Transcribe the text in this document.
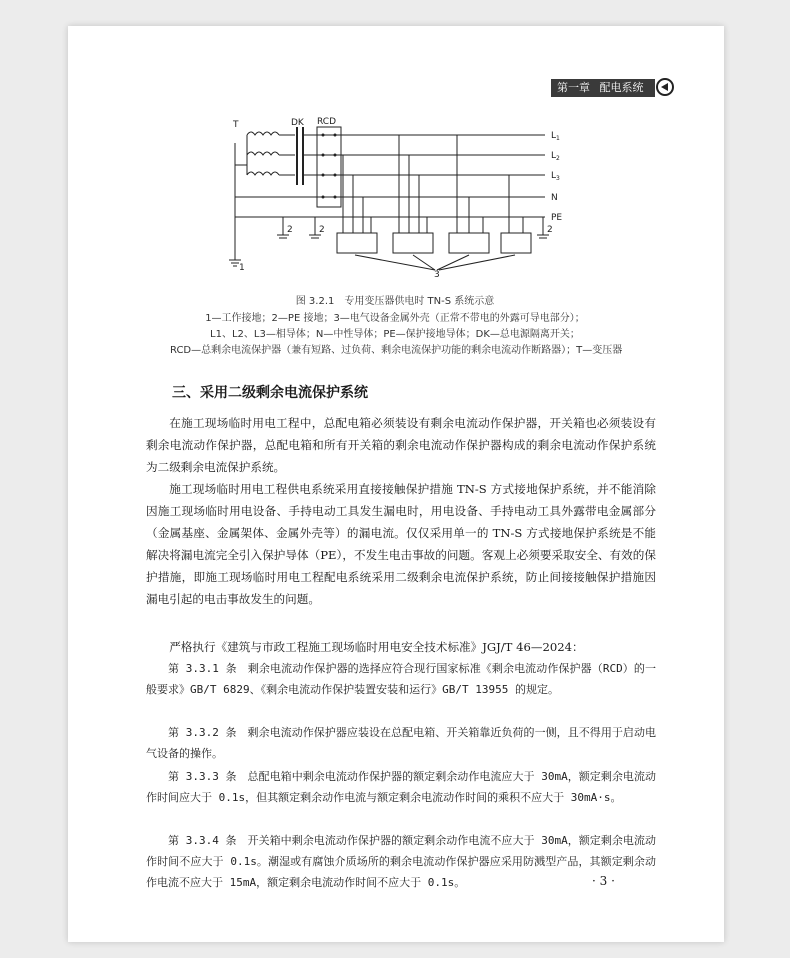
第一章 配电系统
T	DK RCD
$L_1$
$L_2$
$L_3$
N
PE
1
2	2	2
3
图 3.2.1　专用变压器供电时 TN-S 系统示意
1—工作接地；2—PE 接地；3—电气设备金属外壳（正常不带电的外露可导电部分）；
L1、L2、L3—相导体；N—中性导体；PE—保护接地导体；DK—总电源隔离开关；
RCD—总剩余电流保护器（兼有短路、过负荷、剩余电流保护功能的剩余电流动作断路器）；T—变压器
三、采用二级剩余电流保护系统

在施工现场临时用电工程中，总配电箱必须装设有剩余电流动作保护器，开关箱也必须装设有剩余电流动作保护器，总配电箱和所有开关箱的剩余电流动作保护器构成的剩余电流动作保护系统为二级剩余电流保护系统。

施工现场临时用电工程供电系统采用直接接触保护措施 TN-S 方式接地保护系统，并不能消除因施工现场临时用电设备、手持电动工具发生漏电时，用电设备、手持电动工具外露带电金属部分（金属基座、金属架体、金属外壳等）的漏电流。仅仅采用单一的 TN-S 方式接地保护系统是不能解决将漏电流完全引入保护导体（PE），不发生电击事故的问题。客观上必须要采取安全、有效的保护措施，即施工现场临时用电工程配电系统采用二级剩余电流保护系统，防止间接接触保护措施因漏电引起的电击事故发生的问题。

严格执行《建筑与市政工程施工现场临时用电安全技术标准》JGJ/T 46—2024：

第 3.3.1 条　剩余电流动作保护器的选择应符合现行国家标准《剩余电流动作保护器（RCD）的一般要求》GB/T 6829、《剩余电流动作保护装置安装和运行》GB/T 13955 的规定。

第 3.3.2 条　剩余电流动作保护器应装设在总配电箱、开关箱靠近负荷的一侧，且不得用于启动电气设备的操作。

第 3.3.3 条　总配电箱中剩余电流动作保护器的额定剩余动作电流应大于 30mA，额定剩余电流动作时间应大于 0.1s，但其额定剩余动作电流与额定剩余电流动作时间的乘积不应大于 30mA·s。

第 3.3.4 条　开关箱中剩余电流动作保护器的额定剩余动作电流不应大于 30mA，额定剩余电流动作时间不应大于 0.1s。潮湿或有腐蚀介质场所的剩余电流动作保护器应采用防溅型产品，其额定剩余动作电流不应大于 15mA，额定剩余电流动作时间不应大于 0.1s。	· 3 ·
